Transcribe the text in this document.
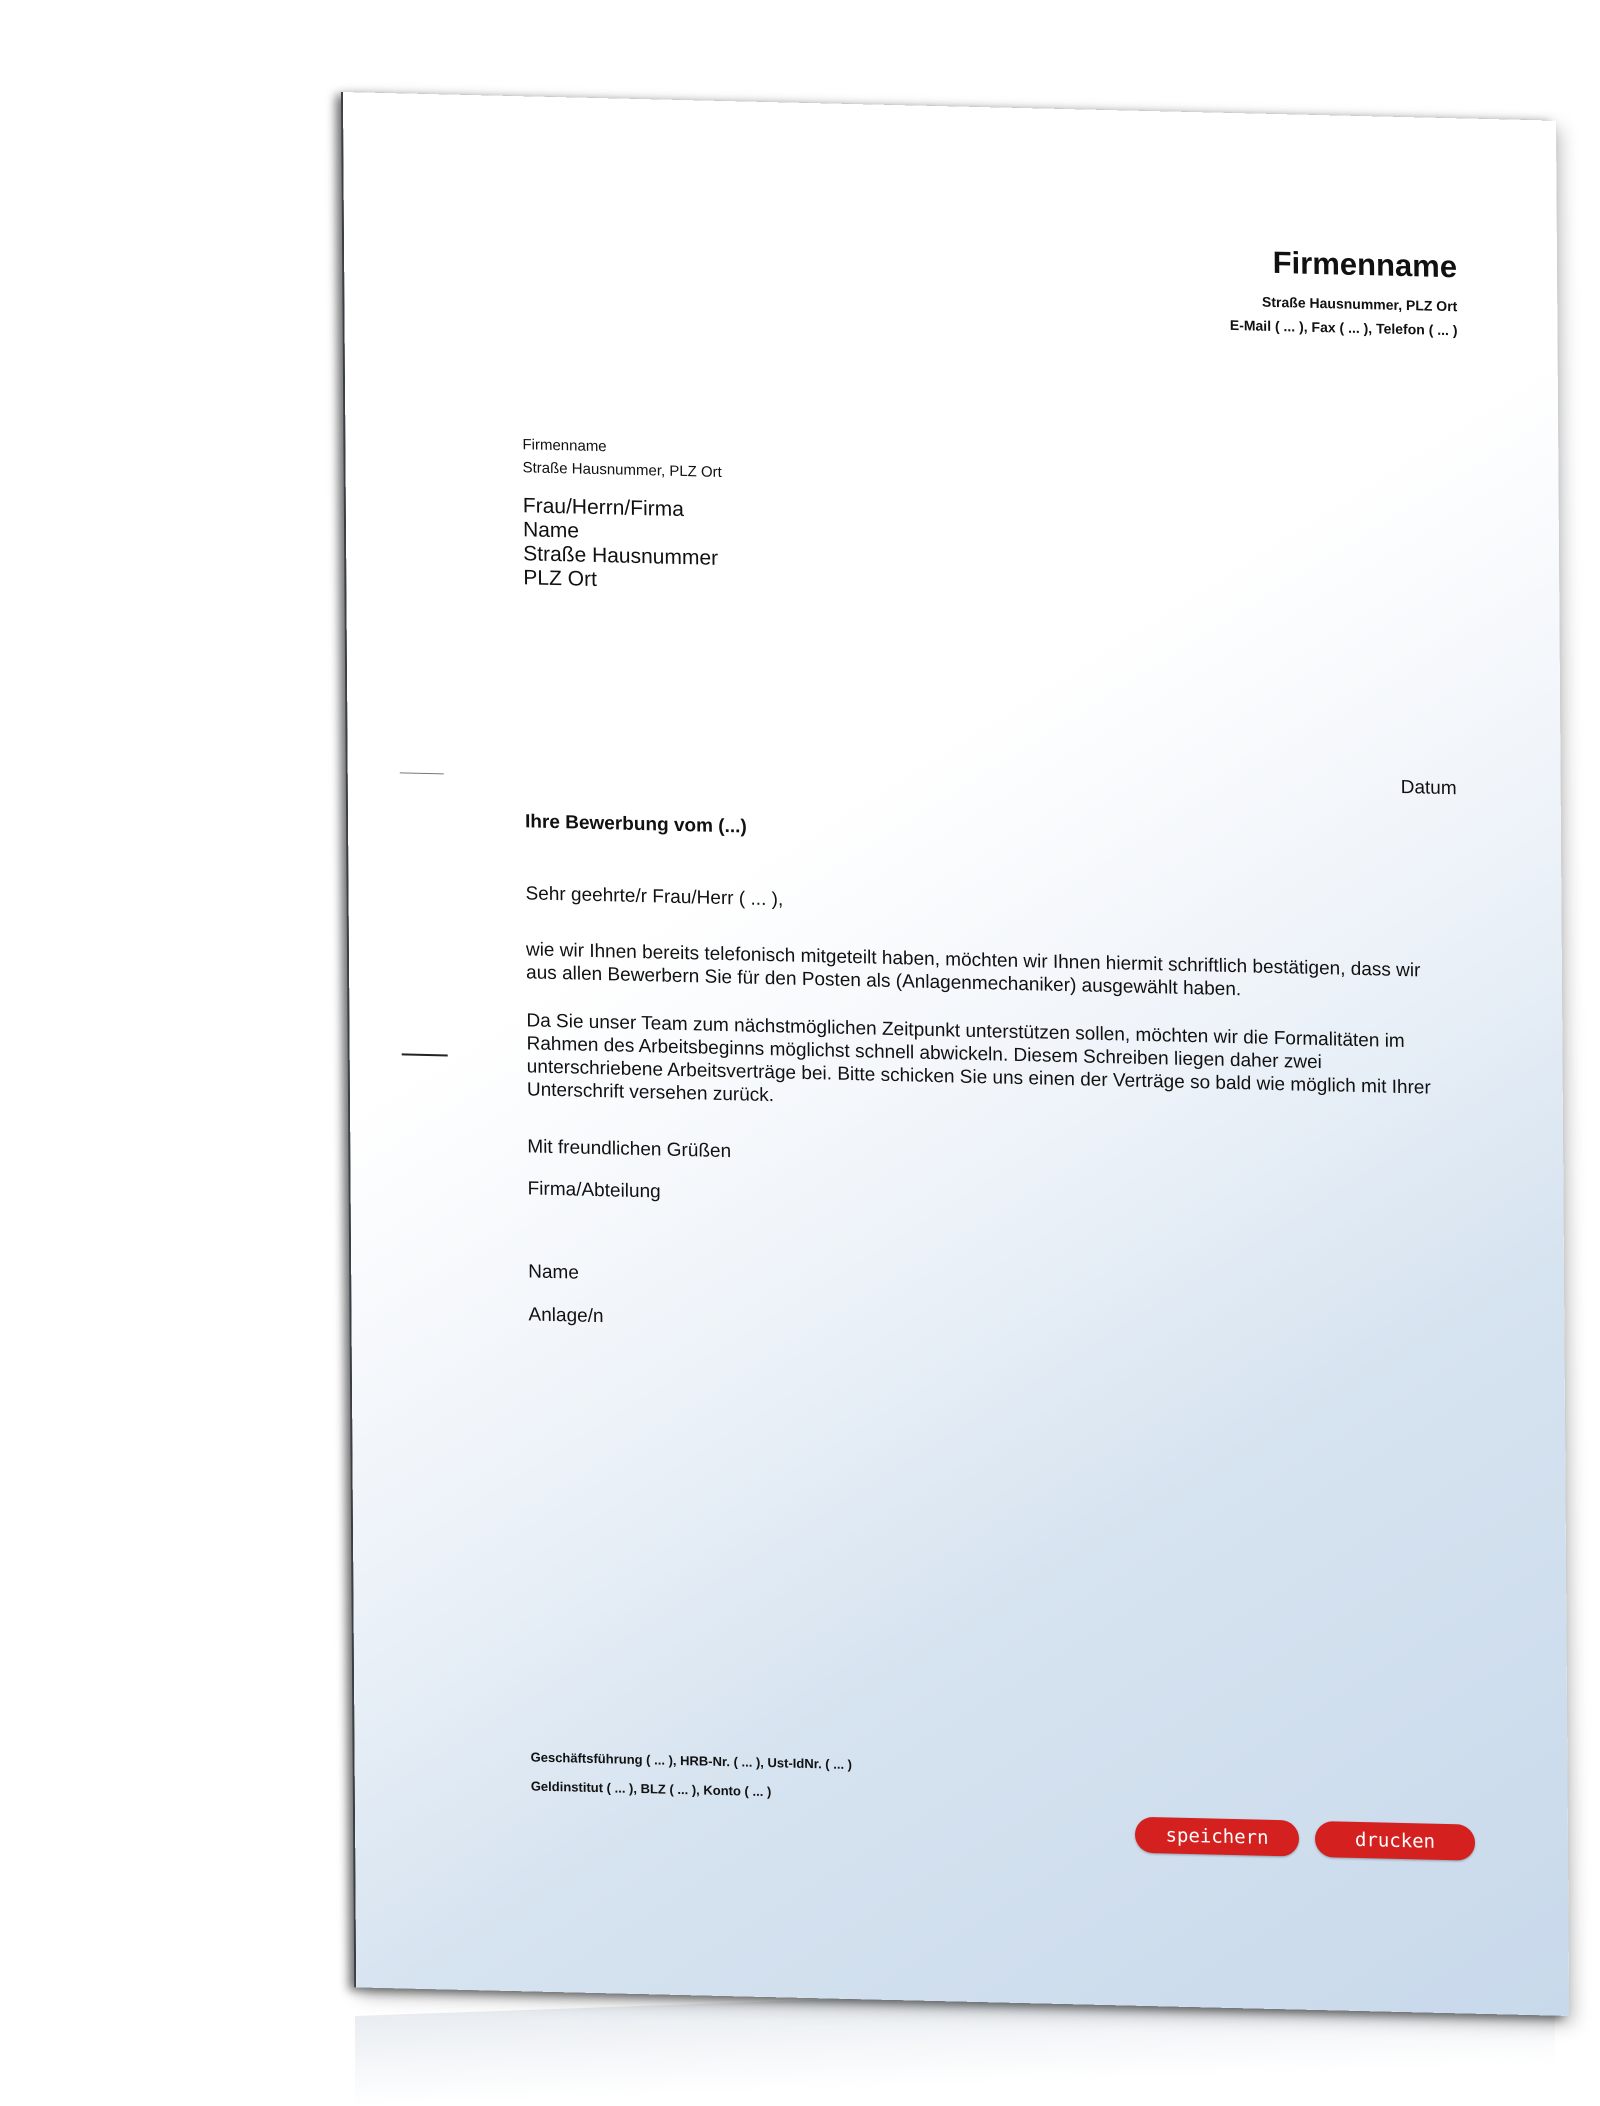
Firmenname
Straße Hausnummer, PLZ Ort
E-Mail ( ... ), Fax ( ... ), Telefon ( ... )
Firmenname
Straße Hausnummer, PLZ Ort
Frau/Herrn/Firma
Name
Straße Hausnummer
PLZ Ort
Datum
Ihre Bewerbung vom (...)
Sehr geehrte/r Frau/Herr ( ... ),
wie wir Ihnen bereits telefonisch mitgeteilt haben, möchten wir Ihnen hiermit schriftlich bestätigen, dass wir aus allen Bewerbern Sie für den Posten als (Anlagenmechaniker) ausgewählt haben.
Da Sie unser Team zum nächstmöglichen Zeitpunkt unterstützen sollen, möchten wir die Formalitäten im Rahmen des Arbeitsbeginns möglichst schnell abwickeln. Diesem Schreiben liegen daher zwei unterschriebene Arbeitsverträge bei. Bitte schicken Sie uns einen der Verträge so bald wie möglich mit Ihrer Unterschrift versehen zurück.
Mit freundlichen Grüßen
Firma/Abteilung
Name
Anlage/n
Geschäftsführung ( ... ), HRB-Nr. ( ... ), Ust-IdNr. ( ... )
Geldinstitut ( ... ), BLZ ( ... ), Konto ( ... )
speichern	drucken
